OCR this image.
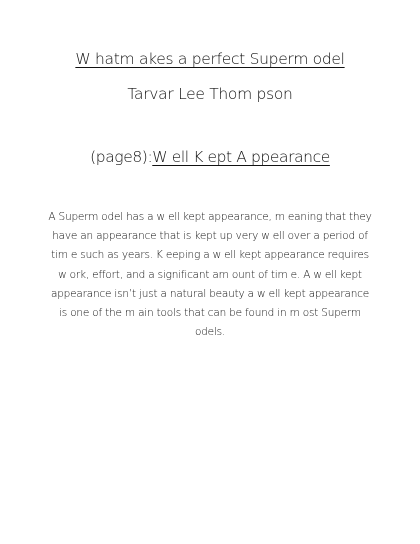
W hatm akes a perfect Superm odel
Tarvar Lee Thom pson
(page8):W ell K ept A ppearance
A Superm odel has a w ell kept appearance, m eaning that they have an appearance that is kept up very w ell over a period of tim e such as years. K eeping a w ell kept appearance requires w ork, effort, and a significant am ount of tim e. A w ell kept appearance isn’t just a natural beauty a w ell kept appearance is one of the m ain tools that can be found in m ost Superm odels.
